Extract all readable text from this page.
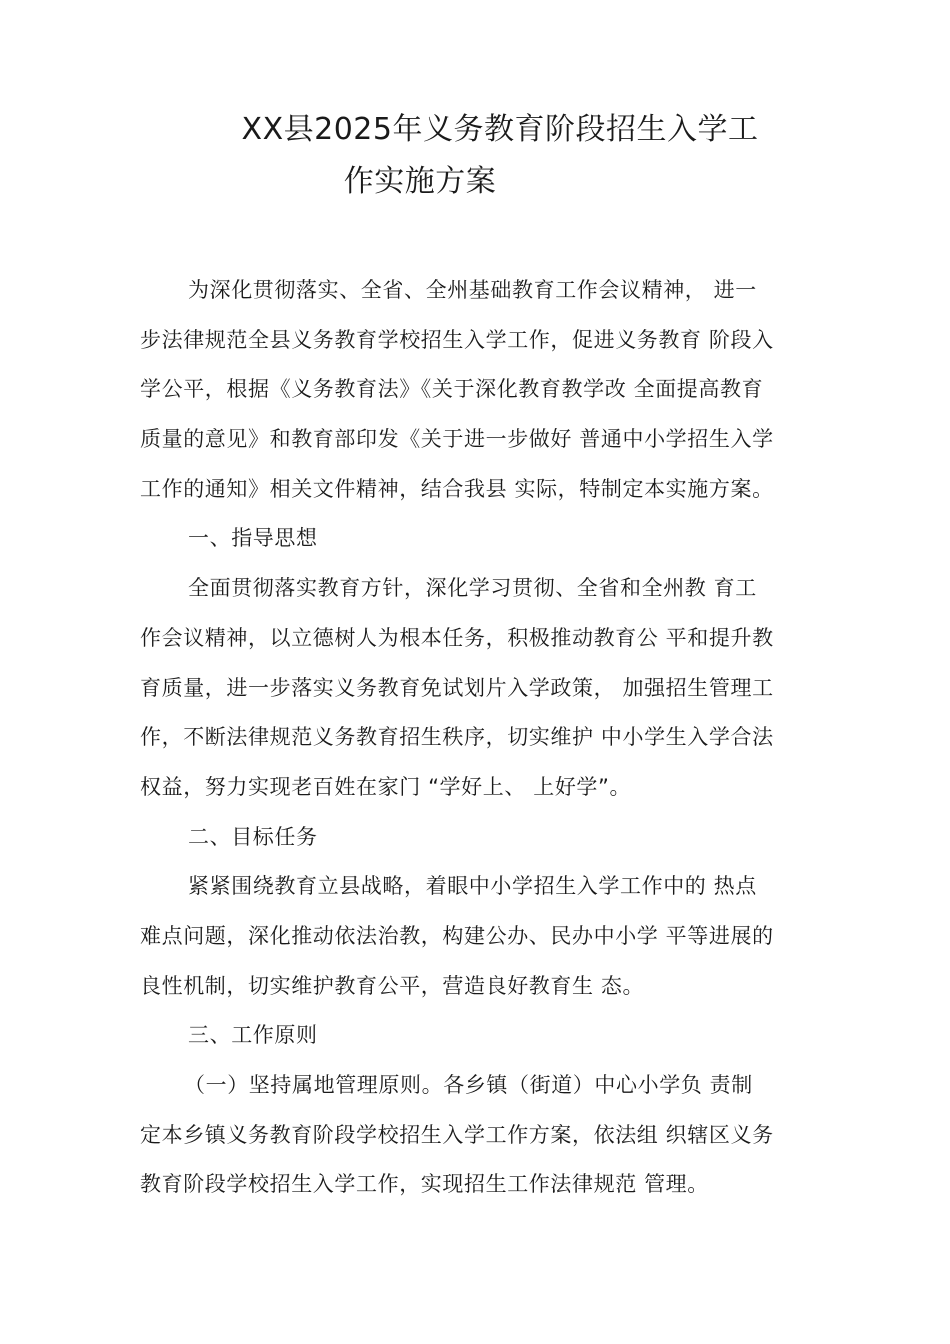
XX县2025年义务教育阶段招生入学工
作实施方案
为深化贯彻落实、全省、全州基础教育工作会议精神， 进一
步法律规范全县义务教育学校招生入学工作，促进义务教育 阶段入
学公平，根据《义务教育法》《关于深化教育教学改 全面提高教育
质量的意见》和教育部印发《关于进一步做好 普通中小学招生入学
工作的通知》相关文件精神，结合我县 实际，特制定本实施方案。
一、指导思想
全面贯彻落实教育方针，深化学习贯彻、全省和全州教 育工
作会议精神，以立德树人为根本任务，积极推动教育公 平和提升教
育质量，进一步落实义务教育免试划片入学政策， 加强招生管理工
作，不断法律规范义务教育招生秩序，切实维护 中小学生入学合法
权益，努力实现老百姓在家门 “学好上、 上好学”。
二、目标任务
紧紧围绕教育立县战略，着眼中小学招生入学工作中的 热点
难点问题，深化推动依法治教，构建公办、民办中小学 平等进展的
良性机制，切实维护教育公平，营造良好教育生 态。
三、工作原则
（一）坚持属地管理原则。各乡镇（街道）中心小学负 责制
定本乡镇义务教育阶段学校招生入学工作方案，依法组 织辖区义务
教育阶段学校招生入学工作，实现招生工作法律规范 管理。
